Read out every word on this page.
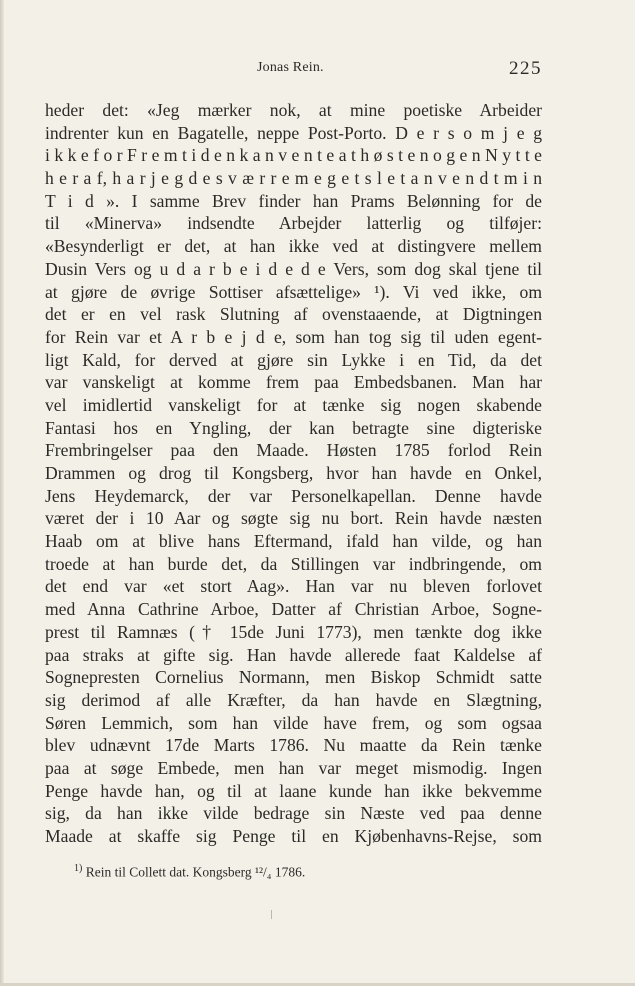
Jonas Rein.	225
heder det: «Jeg mærker nok, at mine poetiske Arbeider
indrenter kun en Bagatelle, neppe Post-Porto. D e r s o m j e g
i k k e f o r F r e m t i d e n k a n v e n t e a t h ø s t e n o g e n N y t t e
h e r a f, h a r j e g d e s v æ r r e m e g e t s l e t a n v e n d t m i n
T i d ». I samme Brev finder han Prams Belønning for de
til «Minerva» indsendte Arbejder latterlig og tilføjer:
«Besynderligt er det, at han ikke ved at distingvere mellem
Dusin Vers og u d a r b e i d e d e Vers, som dog skal tjene til
at gjøre de øvrige Sottiser afsættelige» ¹). Vi ved ikke, om
det er en vel rask Slutning af ovenstaaende, at Digtningen
for Rein var et A r b e j d e, som han tog sig til uden egent-
ligt Kald, for derved at gjøre sin Lykke i en Tid, da det
var vanskeligt at komme frem paa Embedsbanen. Man har
vel imidlertid vanskeligt for at tænke sig nogen skabende
Fantasi hos en Yngling, der kan betragte sine digteriske
Frembringelser paa den Maade. Høsten 1785 forlod Rein
Drammen og drog til Kongsberg, hvor han havde en Onkel,
Jens Heydemarck, der var Personelkapellan. Denne havde
været der i 10 Aar og søgte sig nu bort. Rein havde næsten
Haab om at blive hans Eftermand, ifald han vilde, og han
troede at han burde det, da Stillingen var indbringende, om
det end var «et stort Aag». Han var nu bleven forlovet
med Anna Cathrine Arboe, Datter af Christian Arboe, Sogne-
prest til Ramnæs († 15de Juni 1773), men tænkte dog ikke
paa straks at gifte sig. Han havde allerede faat Kaldelse af
Sognepresten Cornelius Normann, men Biskop Schmidt satte
sig derimod af alle Kræfter, da han havde en Slægtning,
Søren Lemmich, som han vilde have frem, og som ogsaa
blev udnævnt 17de Marts 1786. Nu maatte da Rein tænke
paa at søge Embede, men han var meget mismodig. Ingen
Penge havde han, og til at laane kunde han ikke bekvemme
sig, da han ikke vilde bedrage sin Næste ved paa denne
Maade at skaffe sig Penge til en Kjøbenhavns-Rejse, som
$^{1)}$ Rein til Collett dat. Kongsberg ¹²/₄ 1786.
